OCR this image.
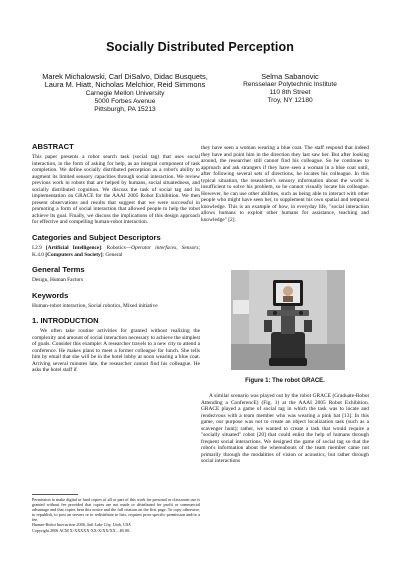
Socially Distributed Perception
Marek Michalowski, Carl DiSalvo, Didac Busquets, Laura M. Hiatt, Nicholas Melchior, Reid Simmons
Carnegie Mellon University
5000 Forbes Avenue
Pittsburgh, PA 15213
Selma Sabanovic
Rensselaer Polytechnic Institute
110 8th Street
Troy, NY 12180
ABSTRACT

This paper presents a robot search task (social tag) that uses social interaction, in the form of asking for help, as an integral component of task completion. We define socially distributed perception as a robot's ability to augment its limited sensory capacities through social interaction. We review previous work in robots that are helped by humans, social situatedness, and socially distributed cognition. We discuss the task of social tag and its implementation on GRACE for the AAAI 2005 Robot Exhibition. We then present observations and results that suggest that we were successful in promoting a form of social interaction that allowed people to help the robot achieve its goal. Finally, we discuss the implications of this design approach for effective and compelling human-robot interaction.

Categories and Subject Descriptors

I.2.9 [Artificial Intelligence]: Robotics—Operator interfaces, Sensors; K.4.0 [Computers and Society]: General

General Terms

Design, Human Factors

Keywords

Human-robot interaction, Social robotics, Mixed initiative

1. INTRODUCTION

We often take routine activities for granted without realizing the complexity and amount of social interaction necessary to achieve the simplest of goals. Consider this example: A researcher travels to a new city to attend a conference. He makes plans to meet a former colleague for lunch. She tells him by email that she will be in the hotel lobby at noon wearing a blue coat. Arriving several minutes late, the researcher cannot find his colleague. He asks the hotel staff if

Permission to make digital or hard copies of all or part of this work for personal or classroom use is granted without fee provided that copies are not made or distributed for profit or commercial advantage and that copies bear this notice and the full citation on the first page. To copy otherwise, to republish, to post on servers or to redistribute to lists, requires prior specific permission and/or a fee.
Human-Robot Interaction 2006, Salt Lake City, Utah, USA
Copyright 2006 ACM X-XXXXX-XX-X/XX/XX ...$5.00.

they have seen a woman wearing a blue coat. The staff respond that indeed they have and point him in the direction they last saw her. But after looking around, the researcher still cannot find his colleague. So he continues to approach and ask strangers if they have seen a woman in a blue coat until, after following several sets of directions, he locates his colleague. In this typical situation, the researcher's sensory information about the world is insufficient to solve his problem, so he cannot visually locate his colleague. However, he can use other abilities, such as being able to interact with other people who might have seen her, to supplement his own spatial and temporal knowledge. This is an example of how, in everyday life, "social interaction allows humans to exploit other humans for assistance, teaching and knowledge" [2].

Figure 1: The robot GRACE.

A similar scenario was played out by the robot GRACE (Graduate-Robot Attending a ConferencE) (Fig. 1) at the AAAI 2005 Robot Exhibition. GRACE played a game of social tag in which the task was to locate and rendezvous with a team member who was wearing a pink hat [13]. In this game, our purpose was not to create an object localization task (such as a scavenger hunt); rather, we wanted to create a task that would require a "socially situated" robot [20] that could enlist the help of humans through frequent social interactions. We designed the game of social tag so that the robot's information about the whereabouts of the team member came not primarily through the modalities of vision or acoustics, but rather through social interactions
